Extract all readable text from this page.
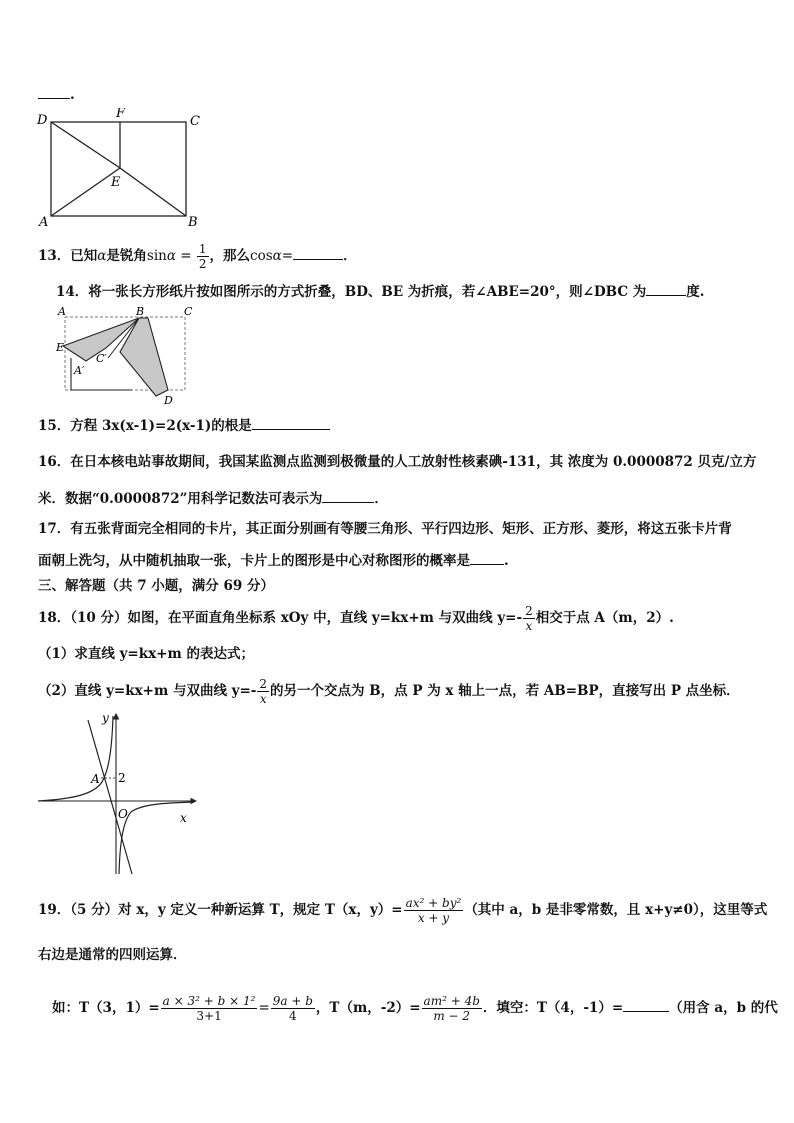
.
D	F
C
E
A	B
13．已知α是锐角$\sin\alpha = \frac{1}{2}$ ，那么cosα=	．
14．将一张长方形纸片按如图所示的方式折叠，BD、BE 为折痕，若∠ABE=20°，则∠DBC 为	度.
A	B	C
E
C′
A′
D
15．方程 3x(x-1)=2(x-1)的根是
16．在日本核电站事故期间，我国某监测点监测到极微量的人工放射性核素碘-131，其 浓度为 0.0000872 贝克/立方
米．数据“0.0000872”用科学记数法可表示为	．
17．有五张背面完全相同的卡片，其正面分别画有等腰三角形、平行四边形、矩形、正方形、菱形，将这五张卡片背
面朝上洗匀，从中随机抽取一张，卡片上的图形是中心对称图形的概率是	.
三、解答题（共 7 小题，满分 69 分）
18．（10 分）如图，在平面直角坐标系 xOy 中，直线 y=kx+m 与双曲线 $y=- \frac{2}{x}$ 相交于点 A（m，2）.
（1）求直线 y=kx+m 的表达式；
（2）直线 y=kx+m 与双曲线 $y=- \frac{2}{x}$ 的另一个交点为 B，点 P 为 x 轴上一点，若 AB=BP，直接写出 P 点坐标．
y
A 2
O	x
19．（5 分）对 x，y 定义一种新运算 T，规定 T（x，$y)= \frac{\text{ax² + by²}}{x + y}$ （其中 a，b 是非零常数，且 x+y≠0），这里等式
右边是通常的四则运算．
如：T（3，$1)= \frac{\text{a × 3² + b × 1²}}{3+1} = \frac{9a + b}{4}$ ，T（m，$-2)= \frac{\text{am² + 4b}}{m - 2}$ ．填空：T（4，-1）=	（用含 a，b 的代
